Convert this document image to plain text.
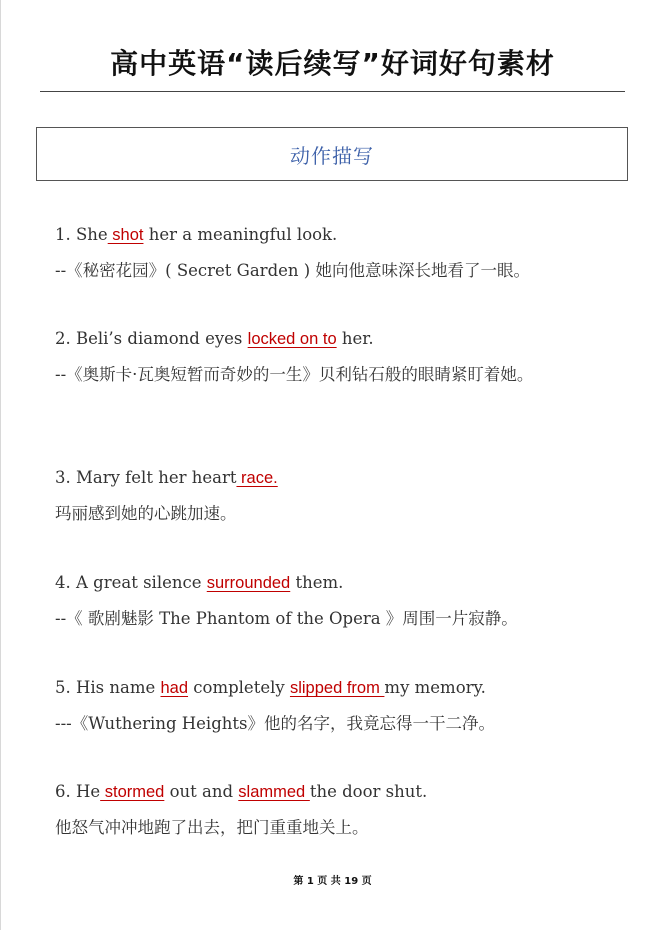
高中英语“读后续写”好词好句素材
动作描写

1. She shot her a meaningful look.

--《秘密花园》( Secret Garden ) 她向他意味深长地看了一眼。

2. Beli’s diamond eyes locked on to her.

--《奥斯卡·瓦奥短暂而奇妙的一生》贝利钻石般的眼睛紧盯着她。

3. Mary felt her heart race.

玛丽感到她的心跳加速。

4. A great silence surrounded them.

--《 歌剧魅影 The Phantom of the Opera 》周围一片寂静。

5. His name had completely slipped from my memory.

---《Wuthering Heights》他的名字，我竟忘得一干二净。

6. He stormed out and slammed the door shut.

他怒气冲冲地跑了出去，把门重重地关上。

第 1 页 共 19 页
